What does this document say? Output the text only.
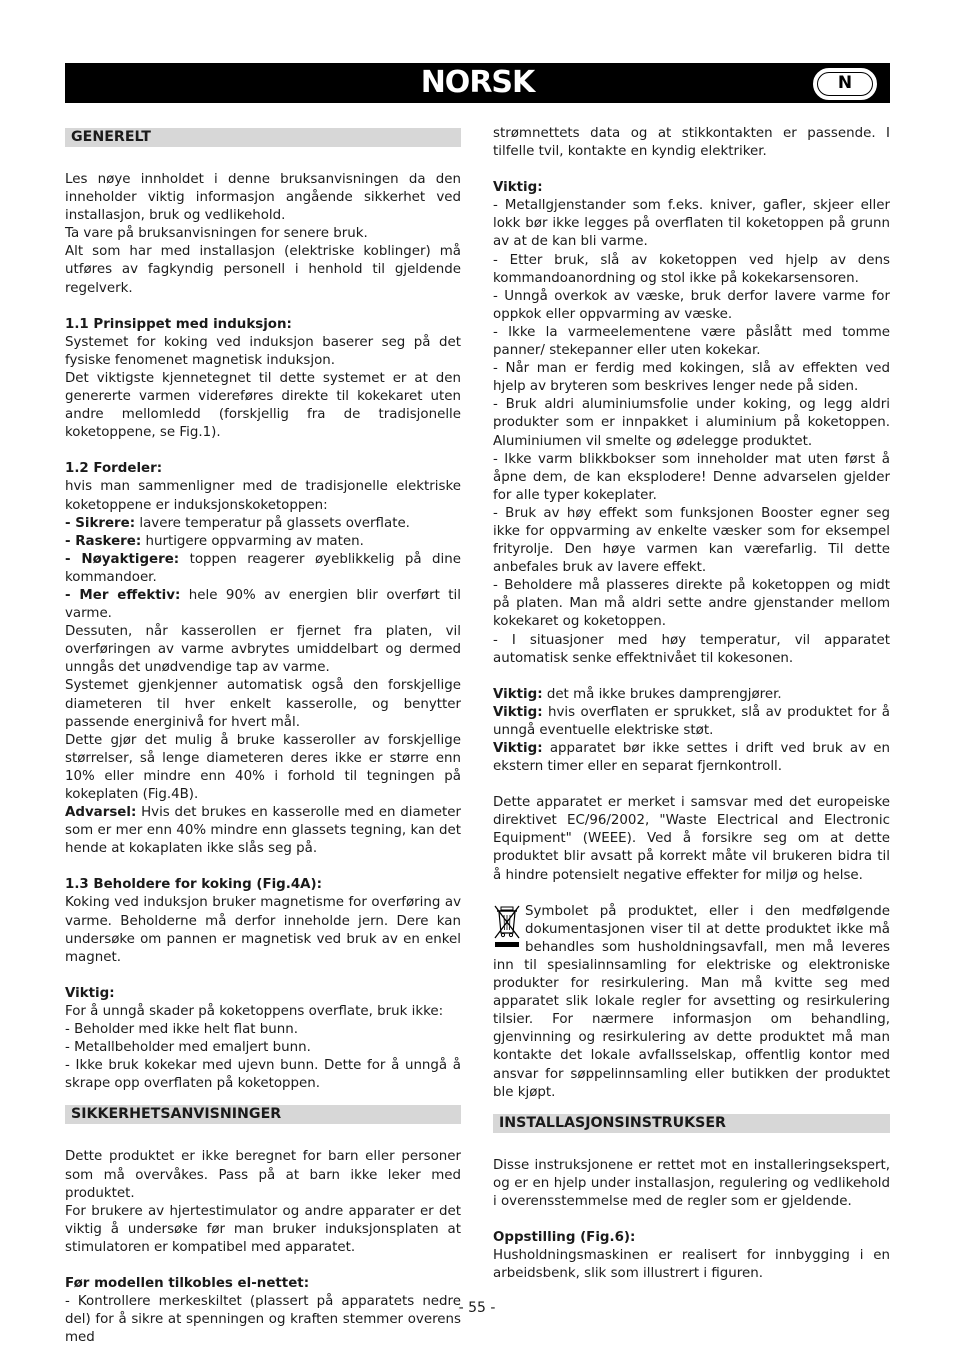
NORSK	N
GENERELT

Les nøye innholdet i denne bruksanvisningen da den inneholder viktig informasjon angående sikkerhet ved installasjon, bruk og vedlikehold.

Ta vare på bruksanvisningen for senere bruk.

Alt som har med installasjon (elektriske koblinger) må utføres av fagkyndig personell i henhold til gjeldende regelverk.

1.1 Prinsippet med induksjon:

Systemet for koking ved induksjon baserer seg på det fysiske fenomenet magnetisk induksjon.

Det viktigste kjennetegnet til dette systemet er at den genererte varmen videreføres direkte til kokekaret uten andre mellomledd (forskjellig fra de tradisjonelle koketoppene, se Fig.1).

1.2 Fordeler:

hvis man sammenligner med de tradisjonelle elektriske koketoppene er induksjonskoketoppen:

- Sikrere: lavere temperatur på glassets overflate.

- Raskere: hurtigere oppvarming av maten.

- Nøyaktigere: toppen reagerer øyeblikkelig på dine kommandoer.

- Mer effektiv: hele 90% av energien blir overført til varme.

Dessuten, når kasserollen er fjernet fra platen, vil overføringen av varme avbrytes umiddelbart og dermed unngås det unødvendige tap av varme.

Systemet gjenkjenner automatisk også den forskjellige diameteren til hver enkelt kasserolle, og benytter passende energinivå for hvert mål.

Dette gjør det mulig å bruke kasseroller av forskjellige størrelser, så lenge diameteren deres ikke er større enn 10% eller mindre enn 40% i forhold til tegningen på kokeplaten (Fig.4B).

Advarsel: Hvis det brukes en kasserolle med en diameter som er mer enn 40% mindre enn glassets tegning, kan det hende at kokaplaten ikke slås seg på.

1.3 Beholdere for koking (Fig.4A):

Koking ved induksjon bruker magnetisme for overføring av varme. Beholderne må derfor inneholde jern. Dere kan undersøke om pannen er magnetisk ved bruk av en enkel magnet.

Viktig:

For å unngå skader på koketoppens overflate, bruk ikke:

- Beholder med ikke helt flat bunn.

- Metallbeholder med emaljert bunn.

- Ikke bruk kokekar med ujevn bunn. Dette for å unngå å skrape opp overflaten på koketoppen.

SIKKERHETSANVISNINGER

Dette produktet er ikke beregnet for barn eller personer som må overvåkes. Pass på at barn ikke leker med produktet.

For brukere av hjertestimulator og andre apparater er det viktig å undersøke før man bruker induksjonsplaten at stimulatoren er kompatibel med apparatet.

Før modellen tilkobles el-nettet:

- Kontrollere merkeskiltet (plassert på apparatets nedre del) for å sikre at spenningen og kraften stemmer overens med

strømnettets data og at stikkontakten er passende. I tilfelle tvil, kontakte en kyndig elektriker.

Viktig:

- Metallgjenstander som f.eks. kniver, gafler, skjeer eller lokk bør ikke legges på overflaten til koketoppen på grunn av at de kan bli varme.

- Etter bruk, slå av koketoppen ved hjelp av dens kommandoanordning og stol ikke på kokekarsensoren.

- Unngå overkok av væske, bruk derfor lavere varme for oppkok eller oppvarming av væske.

- Ikke la varmeelementene være påslått med tomme panner/ stekepanner eller uten kokekar.

- Når man er ferdig med kokingen, slå av effekten ved hjelp av bryteren som beskrives lenger nede på siden.

- Bruk aldri aluminiumsfolie under koking, og legg aldri produkter som er innpakket i aluminium på koketoppen. Aluminiumen vil smelte og ødelegge produktet.

- Ikke varm blikkbokser som inneholder mat uten først å åpne dem, de kan eksplodere! Denne advarselen gjelder for alle typer kokeplater.

- Bruk av høy effekt som funksjonen Booster egner seg ikke for oppvarming av enkelte væsker som for eksempel frityrolje. Den høye varmen kan værefarlig. Til dette anbefales bruk av lavere effekt.

- Beholdere må plasseres direkte på koketoppen og midt på platen. Man må aldri sette andre gjenstander mellom kokekaret og koketoppen.

- I situasjoner med høy temperatur, vil apparatet automatisk senke effektnivået til kokesonen.

Viktig: det må ikke brukes damprengjører.

Viktig: hvis overflaten er sprukket, slå av produktet for å unngå eventuelle elektriske støt.

Viktig: apparatet bør ikke settes i drift ved bruk av en ekstern timer eller en separat fjernkontroll.

Dette apparatet er merket i samsvar med det europeiske direktivet EC/96/2002, "Waste Electrical and Electronic Equipment" (WEEE). Ved å forsikre seg om at dette produktet blir avsatt på korrekt måte vil brukeren bidra til å hindre potensielt negative effekter for miljø og helse.

Symbolet på produktet, eller i den medfølgende dokumentasjonen viser til at dette produktet ikke må behandles som husholdningsavfall, men må leveres inn til spesialinnsamling for elektriske og elektroniske produkter for resirkulering. Man må kvitte seg med apparatet slik lokale regler for avsetting og resirkulering tilsier. For nærmere informasjon om behandling, gjenvinning og resirkulering av dette produktet må man kontakte det lokale avfallsselskap, offentlig kontor med ansvar for søppelinnsamling eller butikken der produktet ble kjøpt.

INSTALLASJONSINSTRUKSER

Disse instruksjonene er rettet mot en installeringsekspert, og er en hjelp under installasjon, regulering og vedlikehold i overensstemmelse med de regler som er gjeldende.

Oppstilling (Fig.6):

Husholdningsmaskinen er realisert for innbygging i en arbeidsbenk, slik som illustrert i figuren.

- 55 -
